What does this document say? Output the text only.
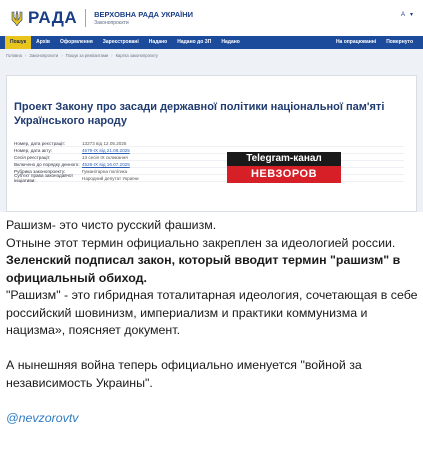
РАДА ВЕРХОВНА РАДА УКРАЇНИ
Законопроєкти
A ▾
Пошук	Архів	Оформлення	Зареєстровані	Надано	Надано до ЗП	Надано	На опрацюванні	Повернуто
Головна › Законопроєкти › Пошук за реквізитами › Картка законопроєкту
Проект Закону про засади державної політики національної пам'яті Українського народу
Номер, дата реєстрації:	13273 від 12.05.2025
Номер, дата акту:	4579-IX від 21.08.2025
Сесія реєстрації:	13 сесія IX скликання
Включено до порядку денного: 4526-IX від 16.07.2025
Рубрика законопроекту:	Гуманітарна політика
Суб'єкт права законодавчої ініціативи:	Народний депутат України
Telegram-канал
НЕВЗОРОВ

Рашизм- это чисто русский фашизм.

Отныне этот термин официально закреплен за идеологией россии.

Зеленский подписал закон, который вводит термин "рашизм" в официальный обиход.

"Рашизм" - это гибридная тоталитарная идеология, сочетающая в себе российский шовинизм, империализм и практики коммунизма и нацизма», поясняет документ.

А нынешняя война теперь официально именуется "войной за независимость Украины".

@nevzorovtv
